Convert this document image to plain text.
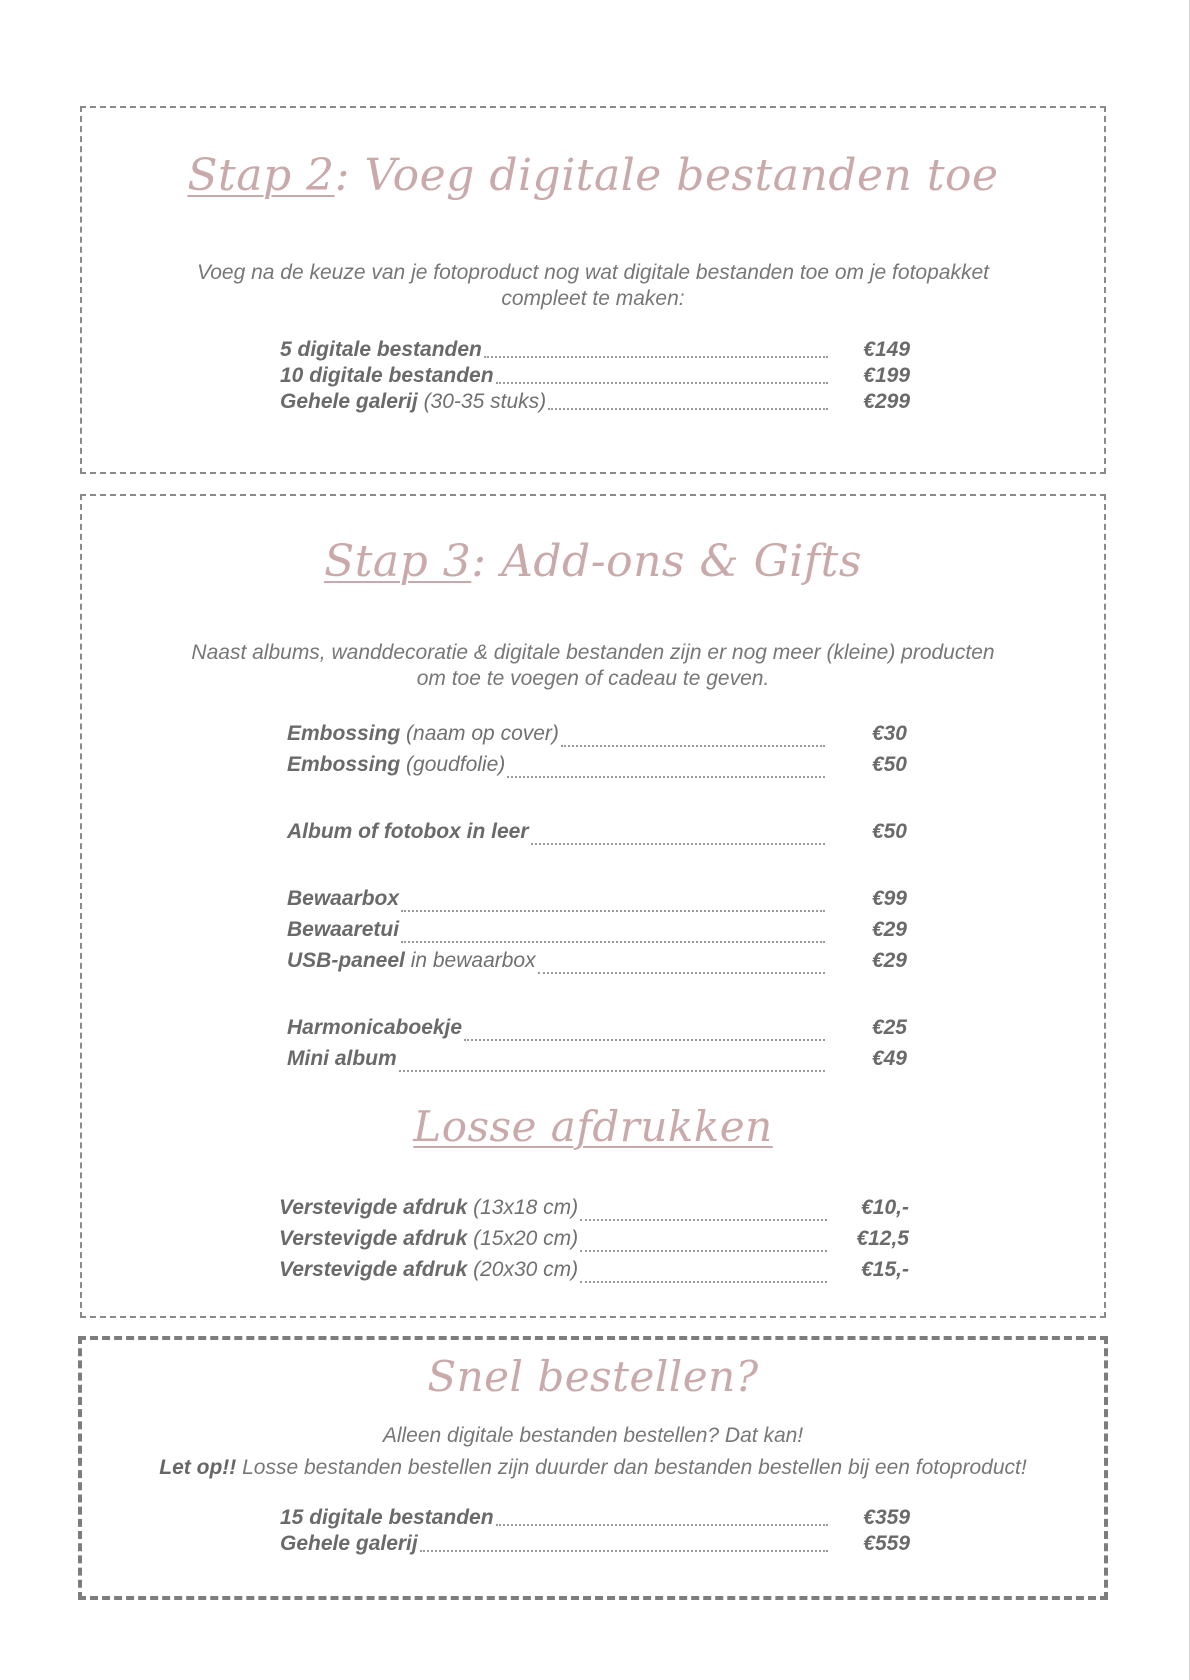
Stap 2: Voeg digitale bestanden toe
Voeg na de keuze van je fotoproduct nog wat digitale bestanden toe om je fotopakket
compleet te maken:
5 digitale bestanden	€149
10 digitale bestanden	€199
Gehele galerij (30-35 stuks)	€299
Stap 3: Add-ons & Gifts
Naast albums, wanddecoratie & digitale bestanden zijn er nog meer (kleine) producten
om toe te voegen of cadeau te geven.
Embossing (naam op cover)	€30
Embossing (goudfolie)	€50
Album of fotobox in leer	€50
Bewaarbox	€99
Bewaaretui	€29
USB-paneel in bewaarbox	€29
Harmonicaboekje	€25
Mini album	€49
Losse afdrukken
Verstevigde afdruk (13x18 cm)	€10,-
Verstevigde afdruk (15x20 cm)	€12,5
Verstevigde afdruk (20x30 cm)	€15,-
Snel bestellen?
Alleen digitale bestanden bestellen? Dat kan!
Let op!! Losse bestanden bestellen zijn duurder dan bestanden bestellen bij een fotoproduct!
15 digitale bestanden	€359
Gehele galerij	€559
